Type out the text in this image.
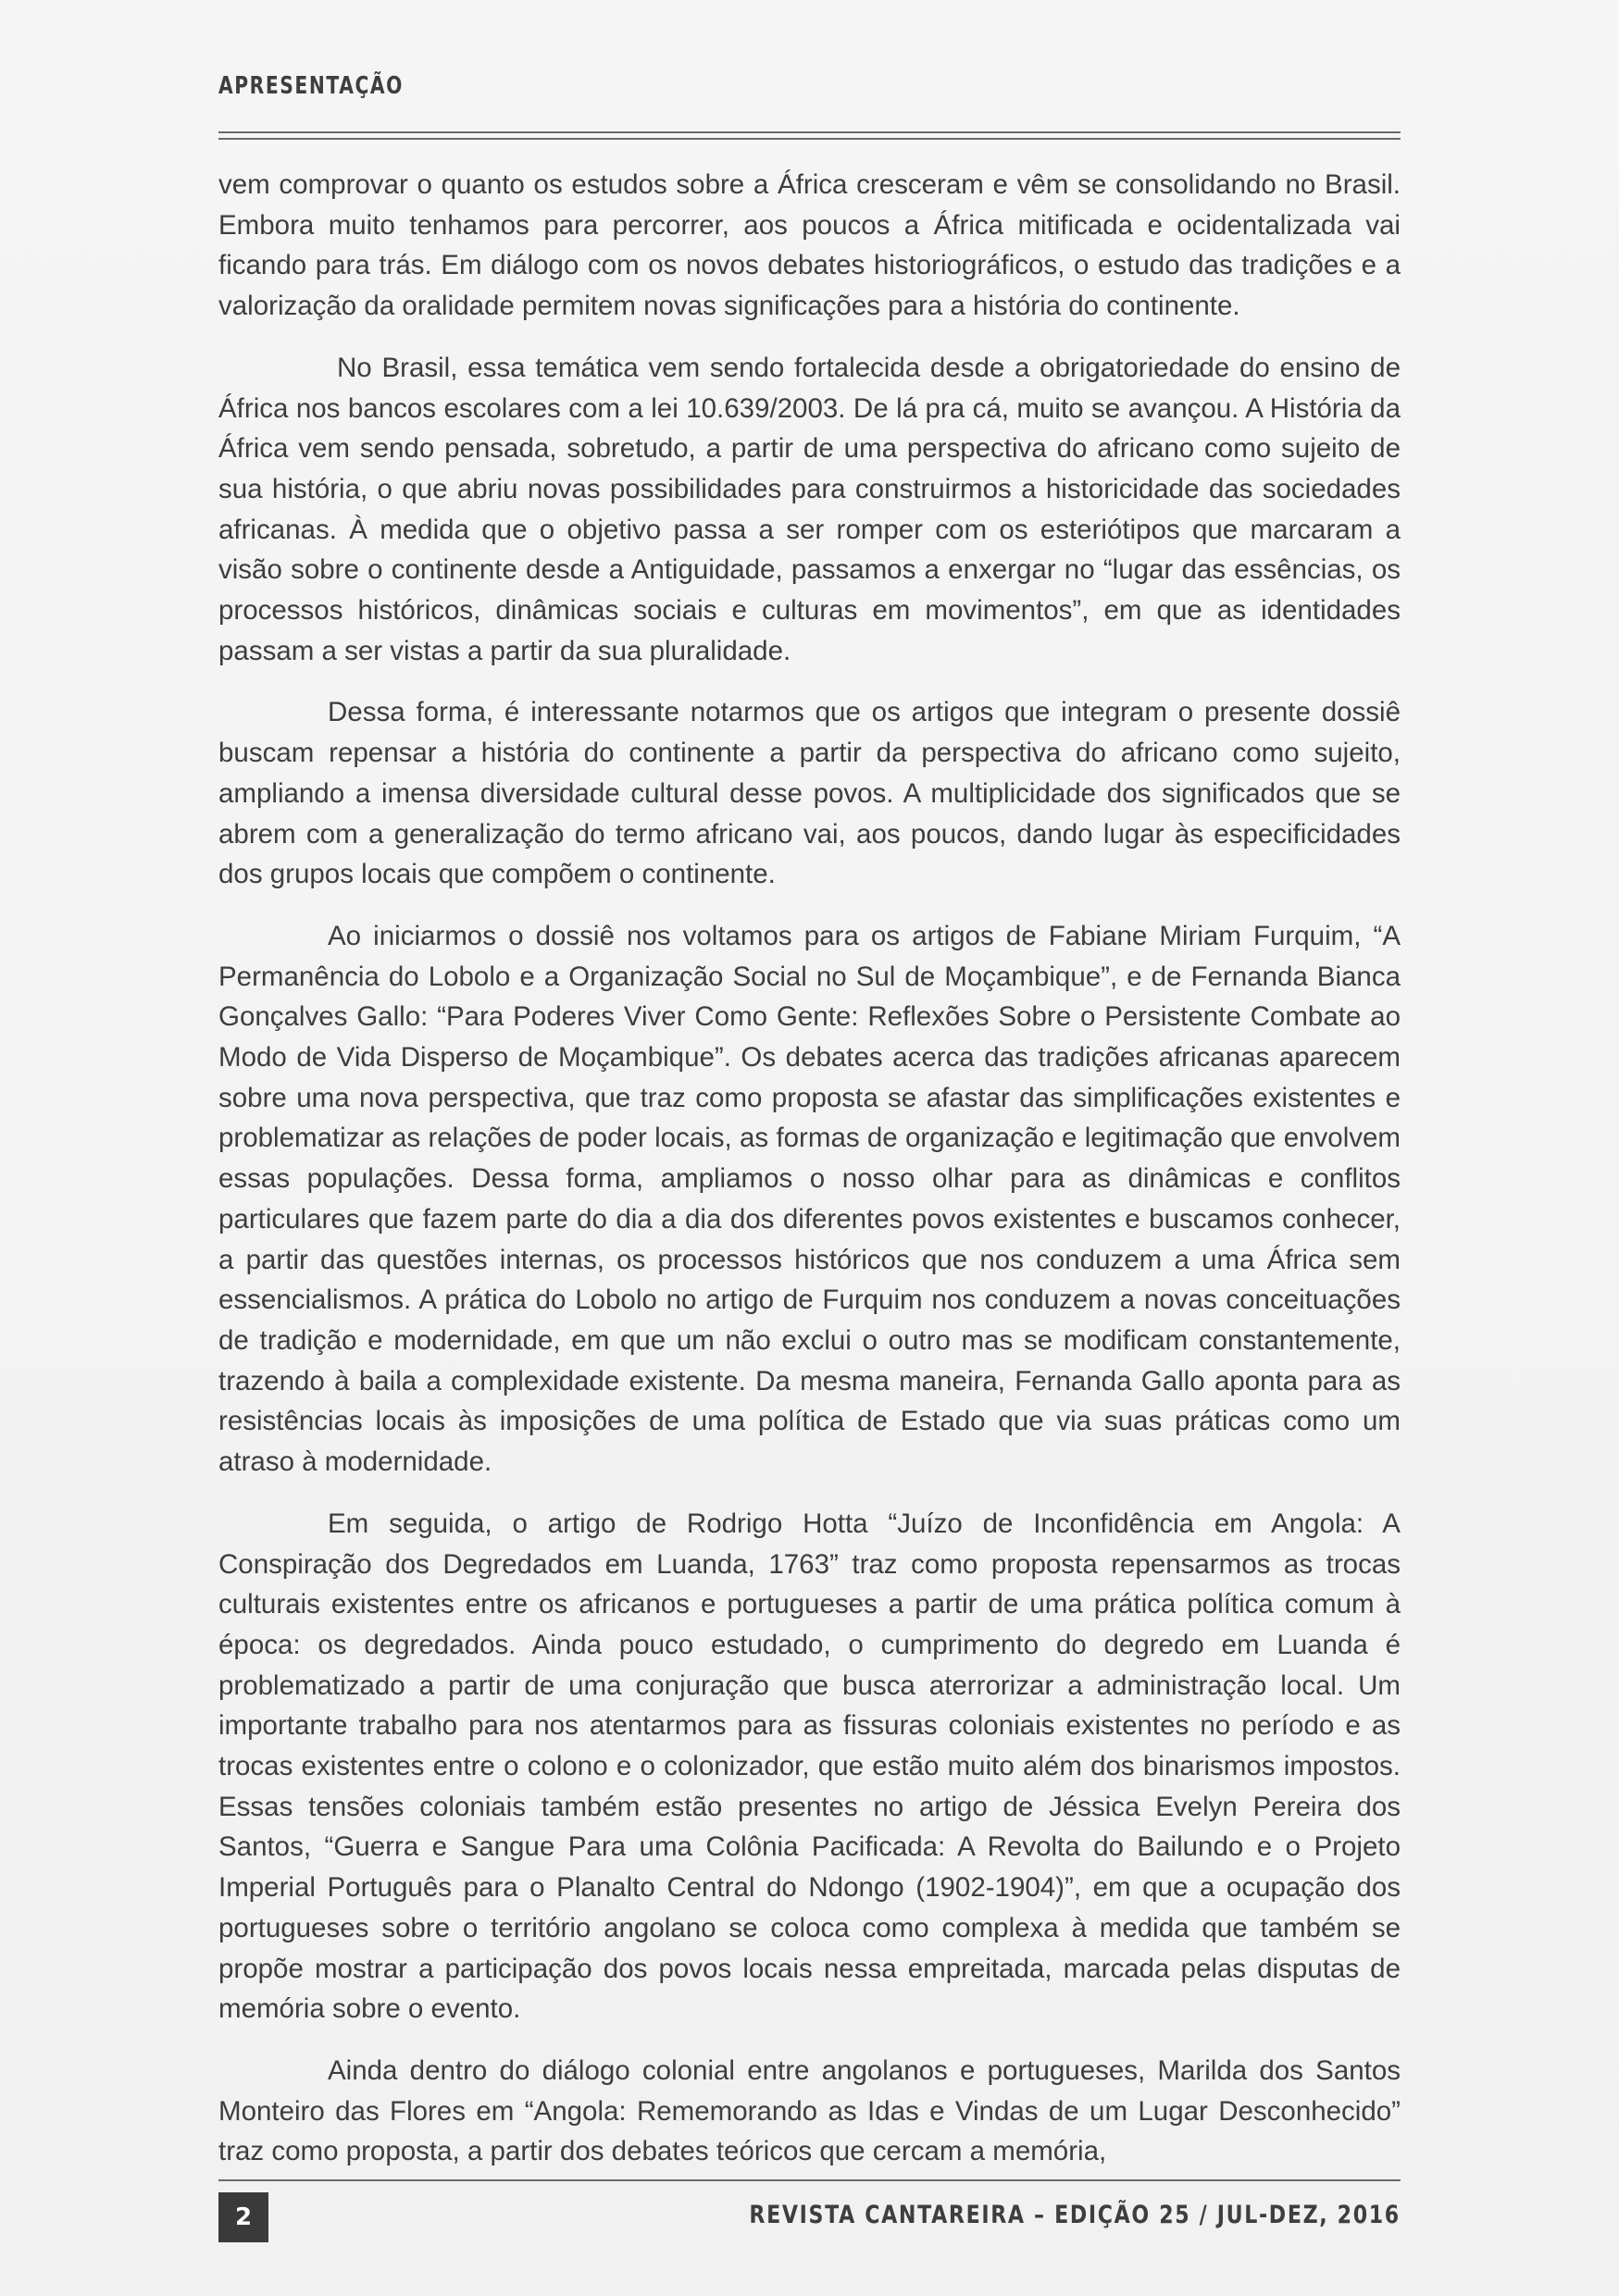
APRESENTAÇÃO

vem comprovar o quanto os estudos sobre a África cresceram e vêm se consolidando no Brasil. Embora muito tenhamos para percorrer, aos poucos a África mitificada e ocidentalizada vai ficando para trás. Em diálogo com os novos debates historiográficos, o estudo das tradições e a valorização da oralidade permitem novas significações para a história do continente.

No Brasil, essa temática vem sendo fortalecida desde a obrigatoriedade do ensino de África nos bancos escolares com a lei 10.639/2003. De lá pra cá, muito se avançou. A História da África vem sendo pensada, sobretudo, a partir de uma perspectiva do africano como sujeito de sua história, o que abriu novas possibilidades para construirmos a historicidade das sociedades africanas. À medida que o objetivo passa a ser romper com os esteriótipos que marcaram a visão sobre o continente desde a Antiguidade, passamos a enxergar no “lugar das essências, os processos históricos, dinâmicas sociais e culturas em movimentos”, em que as identidades passam a ser vistas a partir da sua pluralidade.

Dessa forma, é interessante notarmos que os artigos que integram o presente dossiê buscam repensar a história do continente a partir da perspectiva do africano como sujeito, ampliando a imensa diversidade cultural desse povos. A multiplicidade dos significados que se abrem com a generalização do termo africano vai, aos poucos, dando lugar às especificidades dos grupos locais que compõem o continente.

Ao iniciarmos o dossiê nos voltamos para os artigos de Fabiane Miriam Furquim, “A Permanência do Lobolo e a Organização Social no Sul de Moçambique”, e de Fernanda Bianca Gonçalves Gallo: “Para Poderes Viver Como Gente: Reflexões Sobre o Persistente Combate ao Modo de Vida Disperso de Moçambique”. Os debates acerca das tradições africanas aparecem sobre uma nova perspectiva, que traz como proposta se afastar das simplificações existentes e problematizar as relações de poder locais, as formas de organização e legitimação que envolvem essas populações. Dessa forma, ampliamos o nosso olhar para as dinâmicas e conflitos particulares que fazem parte do dia a dia dos diferentes povos existentes e buscamos conhecer, a partir das questões internas, os processos históricos que nos conduzem a uma África sem essencialismos. A prática do Lobolo no artigo de Furquim nos conduzem a novas conceituações de tradição e modernidade, em que um não exclui o outro mas se modificam constantemente, trazendo à baila a complexidade existente. Da mesma maneira, Fernanda Gallo aponta para as resistências locais às imposições de uma política de Estado que via suas práticas como um atraso à modernidade.

Em seguida, o artigo de Rodrigo Hotta “Juízo de Inconfidência em Angola: A Conspiração dos Degredados em Luanda, 1763” traz como proposta repensarmos as trocas culturais existentes entre os africanos e portugueses a partir de uma prática política comum à época: os degredados. Ainda pouco estudado, o cumprimento do degredo em Luanda é problematizado a partir de uma conjuração que busca aterrorizar a administração local. Um importante trabalho para nos atentarmos para as fissuras coloniais existentes no período e as trocas existentes entre o colono e o colonizador, que estão muito além dos binarismos impostos. Essas tensões coloniais também estão presentes no artigo de Jéssica Evelyn Pereira dos Santos, “Guerra e Sangue Para uma Colônia Pacificada: A Revolta do Bailundo e o Projeto Imperial Português para o Planalto Central do Ndongo (1902-1904)”, em que a ocupação dos portugueses sobre o território angolano se coloca como complexa à medida que também se propõe mostrar a participação dos povos locais nessa empreitada, marcada pelas disputas de memória sobre o evento.

Ainda dentro do diálogo colonial entre angolanos e portugueses, Marilda dos Santos Monteiro das Flores em “Angola: Rememorando as Idas e Vindas de um Lugar Desconhecido” traz como proposta, a partir dos debates teóricos que cercam a memória,

2	REVISTA CANTAREIRA – EDIÇÃO 25 / JUL-DEZ, 2016
